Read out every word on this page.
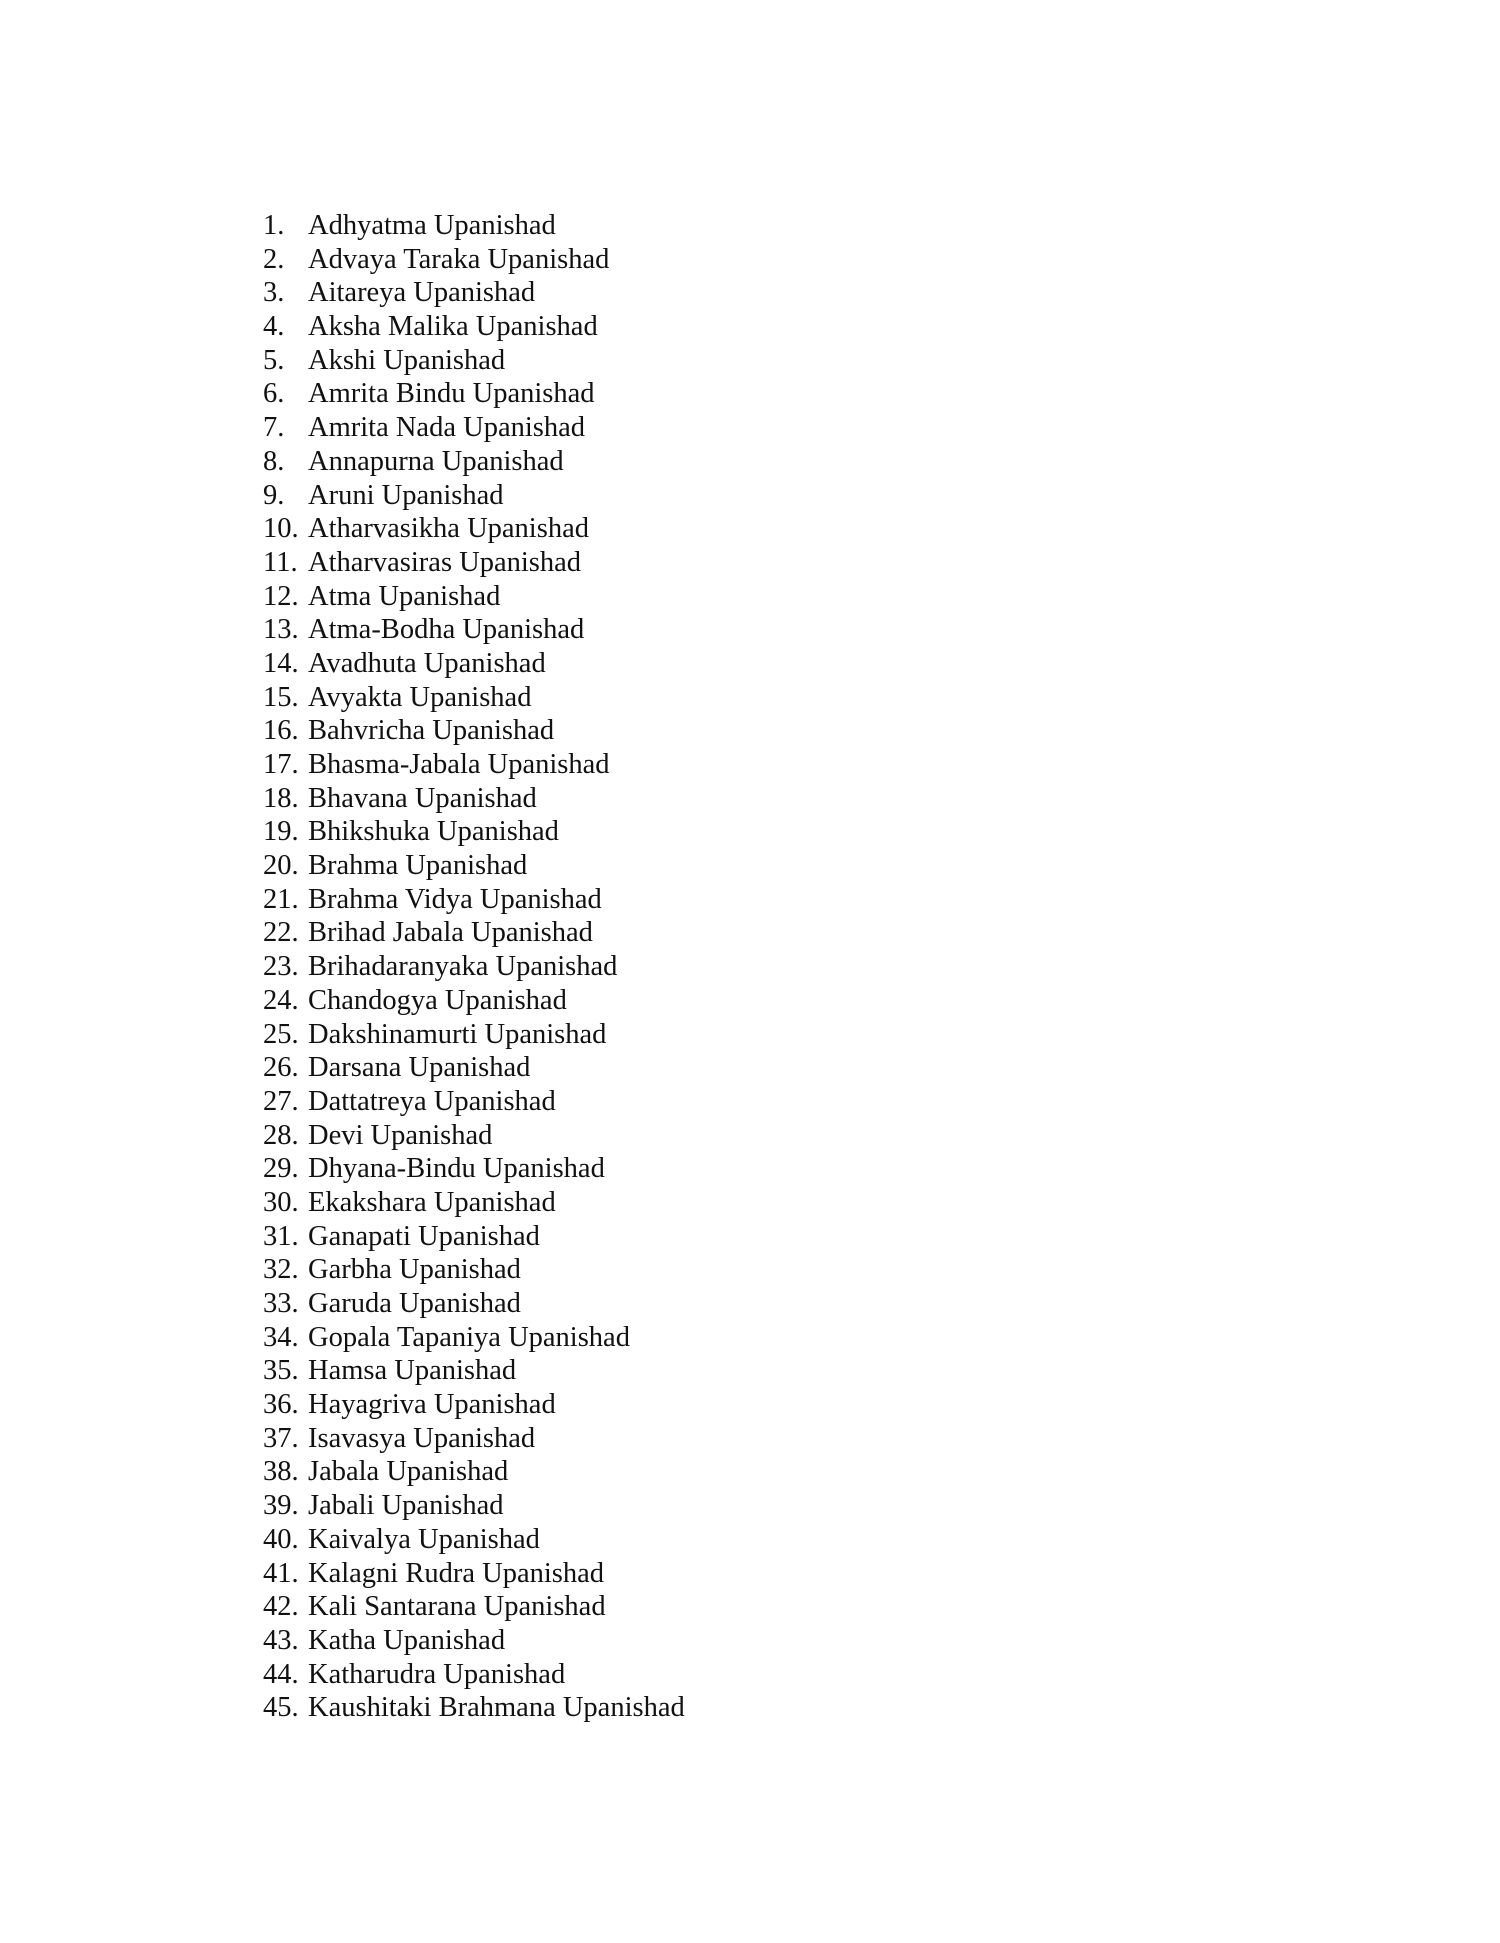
1. Adhyatma Upanishad
2. Advaya Taraka Upanishad
3. Aitareya Upanishad
4. Aksha Malika Upanishad
5. Akshi Upanishad
6. Amrita Bindu Upanishad
7. Amrita Nada Upanishad
8. Annapurna Upanishad
9. Aruni Upanishad
10. Atharvasikha Upanishad
11. Atharvasiras Upanishad
12. Atma Upanishad
13. Atma-Bodha Upanishad
14. Avadhuta Upanishad
15. Avyakta Upanishad
16. Bahvricha Upanishad
17. Bhasma-Jabala Upanishad
18. Bhavana Upanishad
19. Bhikshuka Upanishad
20. Brahma Upanishad
21. Brahma Vidya Upanishad
22. Brihad Jabala Upanishad
23. Brihadaranyaka Upanishad
24. Chandogya Upanishad
25. Dakshinamurti Upanishad
26. Darsana Upanishad
27. Dattatreya Upanishad
28. Devi Upanishad
29. Dhyana-Bindu Upanishad
30. Ekakshara Upanishad
31. Ganapati Upanishad
32. Garbha Upanishad
33. Garuda Upanishad
34. Gopala Tapaniya Upanishad
35. Hamsa Upanishad
36. Hayagriva Upanishad
37. Isavasya Upanishad
38. Jabala Upanishad
39. Jabali Upanishad
40. Kaivalya Upanishad
41. Kalagni Rudra Upanishad
42. Kali Santarana Upanishad
43. Katha Upanishad
44. Katharudra Upanishad
45. Kaushitaki Brahmana Upanishad
